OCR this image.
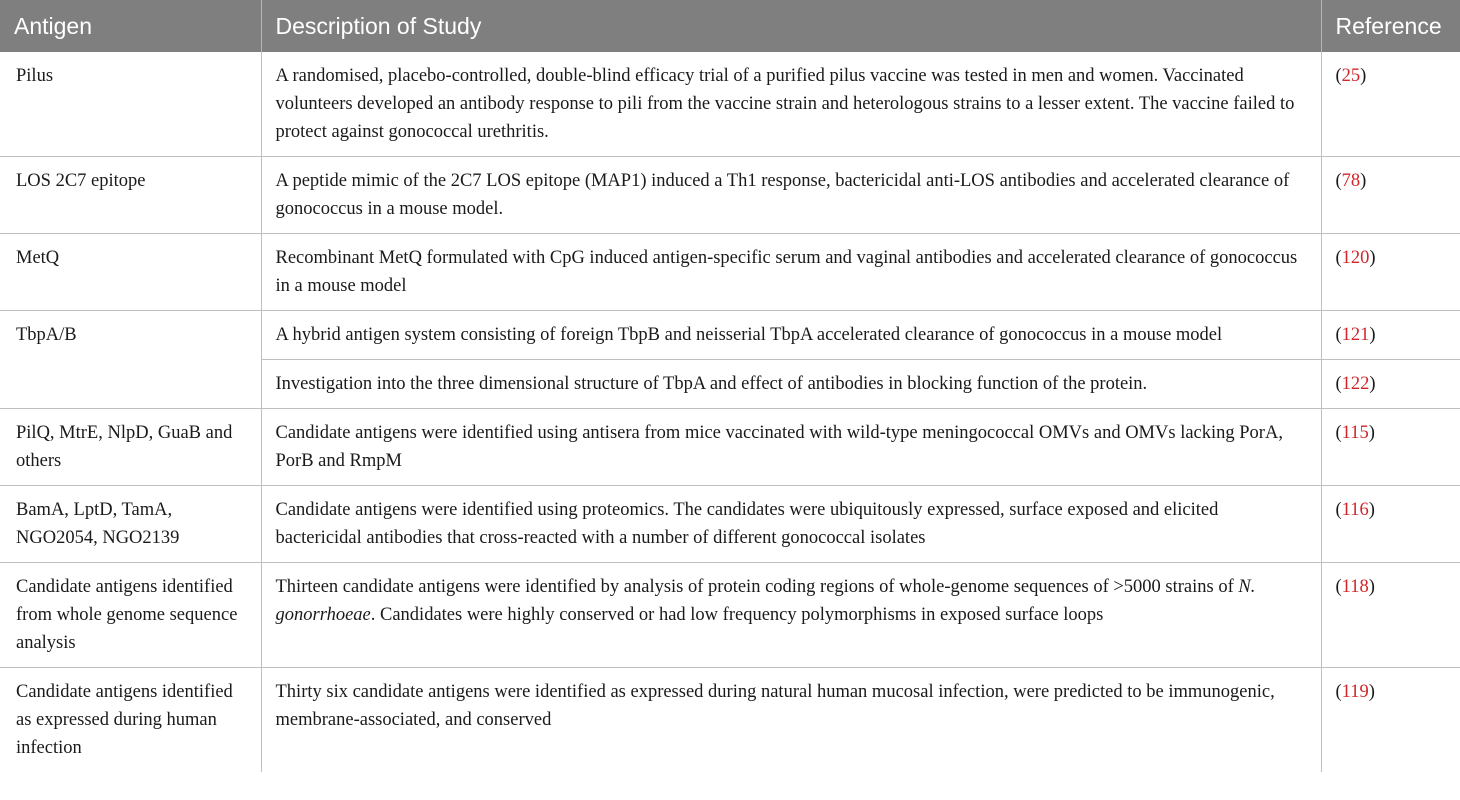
Antigen	Description of Study	Reference
Pilus	A randomised, placebo-controlled, double-blind efficacy trial of a purified pilus vaccine was tested in men and women. Vaccinated volunteers developed an antibody response to pili from the vaccine strain and heterologous strains to a lesser extent. The vaccine failed to protect against gonococcal urethritis.	(25)
LOS 2C7 epitope	A peptide mimic of the 2C7 LOS epitope (MAP1) induced a Th1 response, bactericidal anti-LOS antibodies and accelerated clearance of gonococcus in a mouse model.	(78)
MetQ	Recombinant MetQ formulated with CpG induced antigen-specific serum and vaginal antibodies and accelerated clearance of gonococcus in a mouse model	(120)
TbpA/B	A hybrid antigen system consisting of foreign TbpB and neisserial TbpA accelerated clearance of gonococcus in a mouse model	(121)
	Investigation into the three dimensional structure of TbpA and effect of antibodies in blocking function of the protein.	(122)
PilQ, MtrE, NlpD, GuaB and others	Candidate antigens were identified using antisera from mice vaccinated with wild-type meningococcal OMVs and OMVs lacking PorA, PorB and RmpM	(115)
BamA, LptD, TamA, NGO2054, NGO2139	Candidate antigens were identified using proteomics. The candidates were ubiquitously expressed, surface exposed and elicited bactericidal antibodies that cross-reacted with a number of different gonococcal isolates	(116)
Candidate antigens identified from whole genome sequence analysis	Thirteen candidate antigens were identified by analysis of protein coding regions of whole-genome sequences of >5000 strains of N. gonorrhoeae. Candidates were highly conserved or had low frequency polymorphisms in exposed surface loops	(118)
Candidate antigens identified as expressed during human infection	Thirty six candidate antigens were identified as expressed during natural human mucosal infection, were predicted to be immunogenic, membrane-associated, and conserved	(119)
